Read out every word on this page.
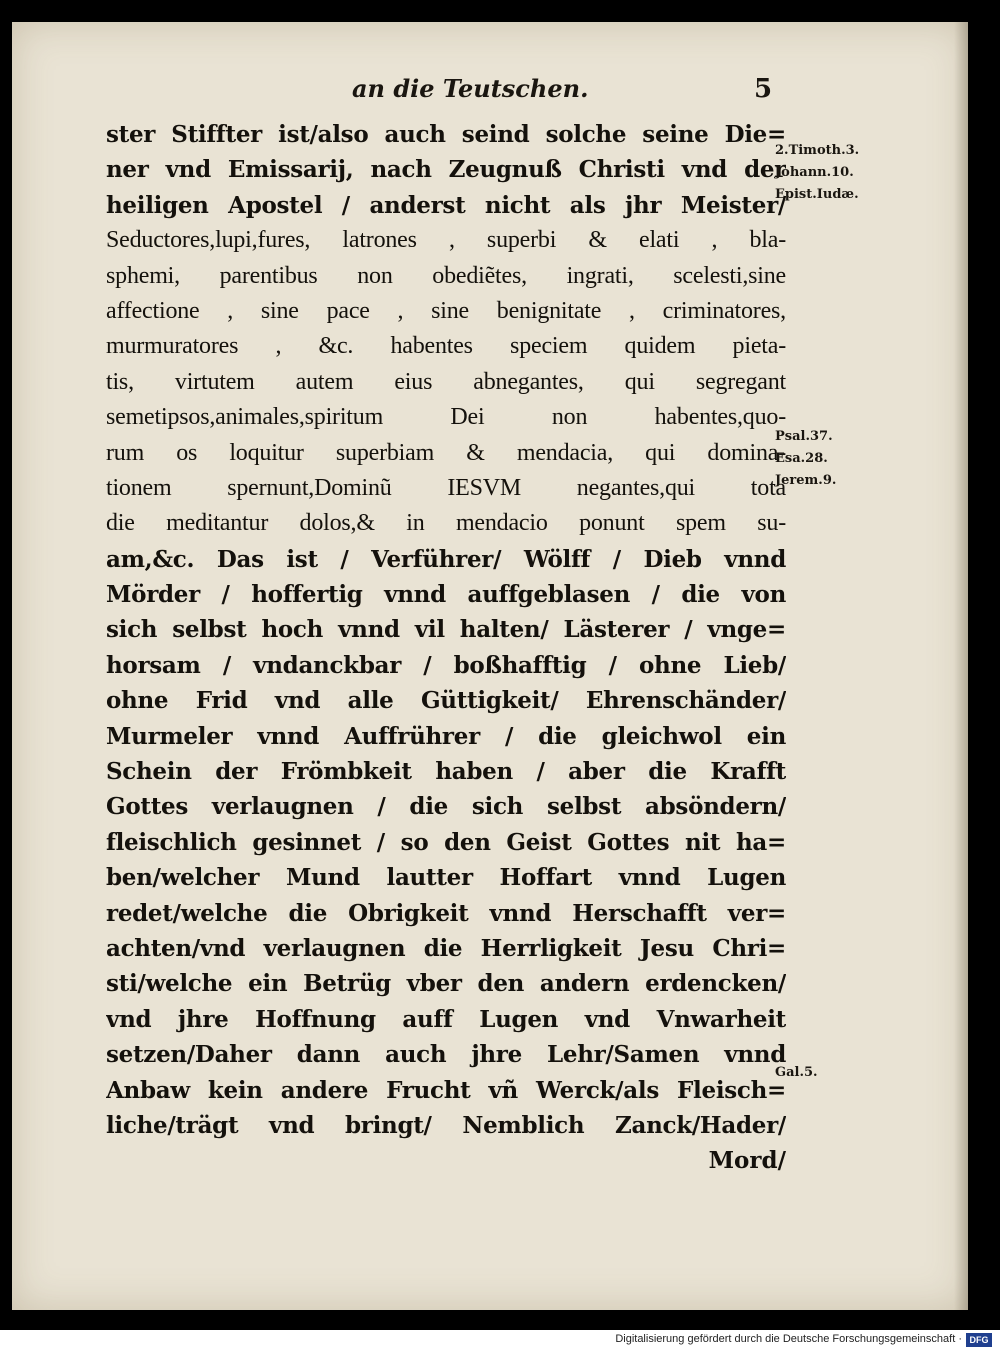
an die Teutschen.	5
ster Stiffter ist/also auch seind solche seine Die=
ner vnd Emissarij, nach Zeugnuß Christi vnd der
heiligen Apostel / anderst nicht als jhr Meister/
Seductores,lupi,fures, latrones , superbi & elati , bla-
sphemi, parentibus non obediẽtes, ingrati, scelesti,sine
affectione , sine pace , sine benignitate , criminatores,
murmuratores , &c. habentes speciem quidem pieta-
tis, virtutem autem eius abnegantes, qui segregant
semetipsos,animales,spiritum Dei non habentes,quo-
rum os loquitur superbiam & mendacia, qui domina-
tionem spernunt,Dominũ IESVM negantes,qui tota
die meditantur dolos,& in mendacio ponunt spem su-
am,&c. Das ist / Verführer/ Wölff / Dieb vnnd
Mörder / hoffertig vnnd auffgeblasen / die von
sich selbst hoch vnnd vil halten/ Lästerer / vnge=
horsam / vndanckbar / boßhafftig / ohne Lieb/
ohne Frid vnd alle Güttigkeit/ Ehrenschänder/
Murmeler vnnd Auffrührer / die gleichwol ein
Schein der Frömbkeit haben / aber die Krafft
Gottes verlaugnen / die sich selbst absöndern/
fleischlich gesinnet / so den Geist Gottes nit ha=
ben/welcher Mund lautter Hoffart vnnd Lugen
redet/welche die Obrigkeit vnnd Herschafft ver=
achten/vnd verlaugnen die Herrligkeit Jesu Chri=
sti/welche ein Betrüg vber den andern erdencken/
vnd jhre Hoffnung auff Lugen vnd Vnwarheit
setzen/Daher dann auch jhre Lehr/Samen vnnd
Anbaw kein andere Frucht vñ Werck/als Fleisch=
liche/trägt vnd bringt/ Nemblich Zanck/Hader/
Mord/
2.Timoth.3.
Johann.10.
Epist.Iudæ.
Psal.37.
Esa.28.
Jerem.9.
Gal.5.
Digitalisierung gefördert durch die Deutsche Forschungsgemeinschaft · DFG
